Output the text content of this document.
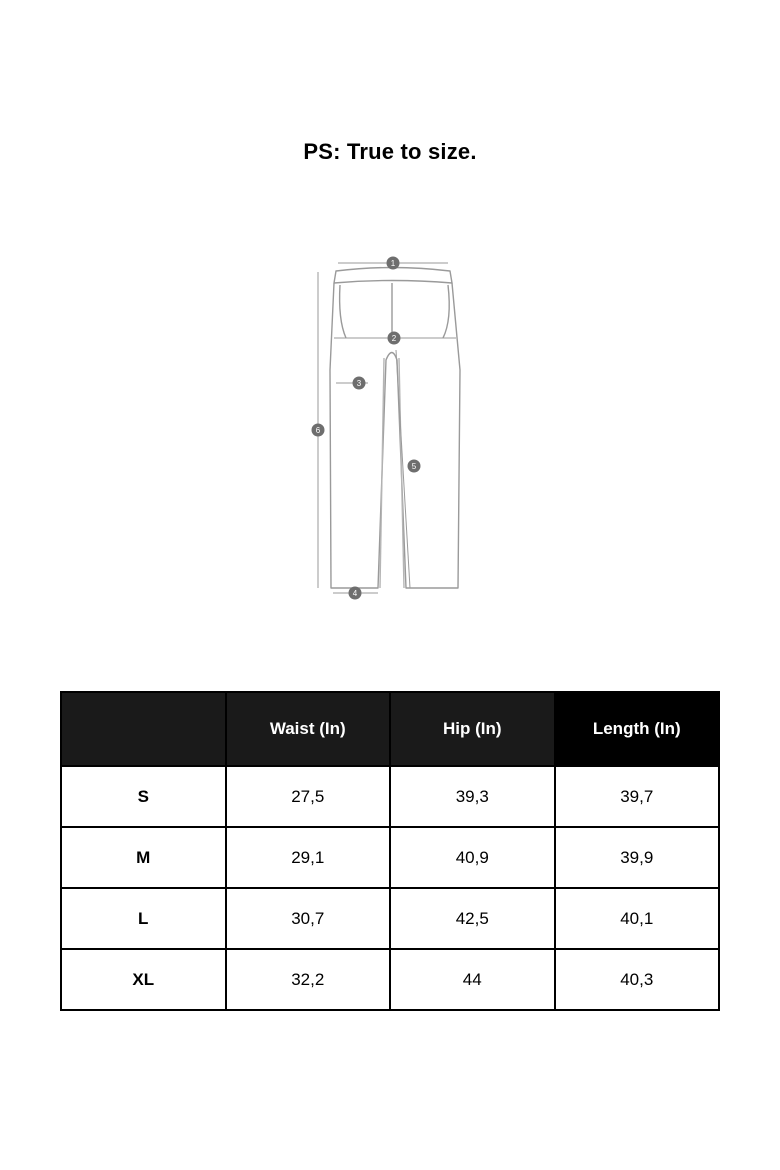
PS: True to size.
1
2
3
4
5
6
	Waist (In)	Hip (In)	Length (In)
S	27,5	39,3	39,7
M	29,1	40,9	39,9
L	30,7	42,5	40,1
XL	32,2	44	40,3
